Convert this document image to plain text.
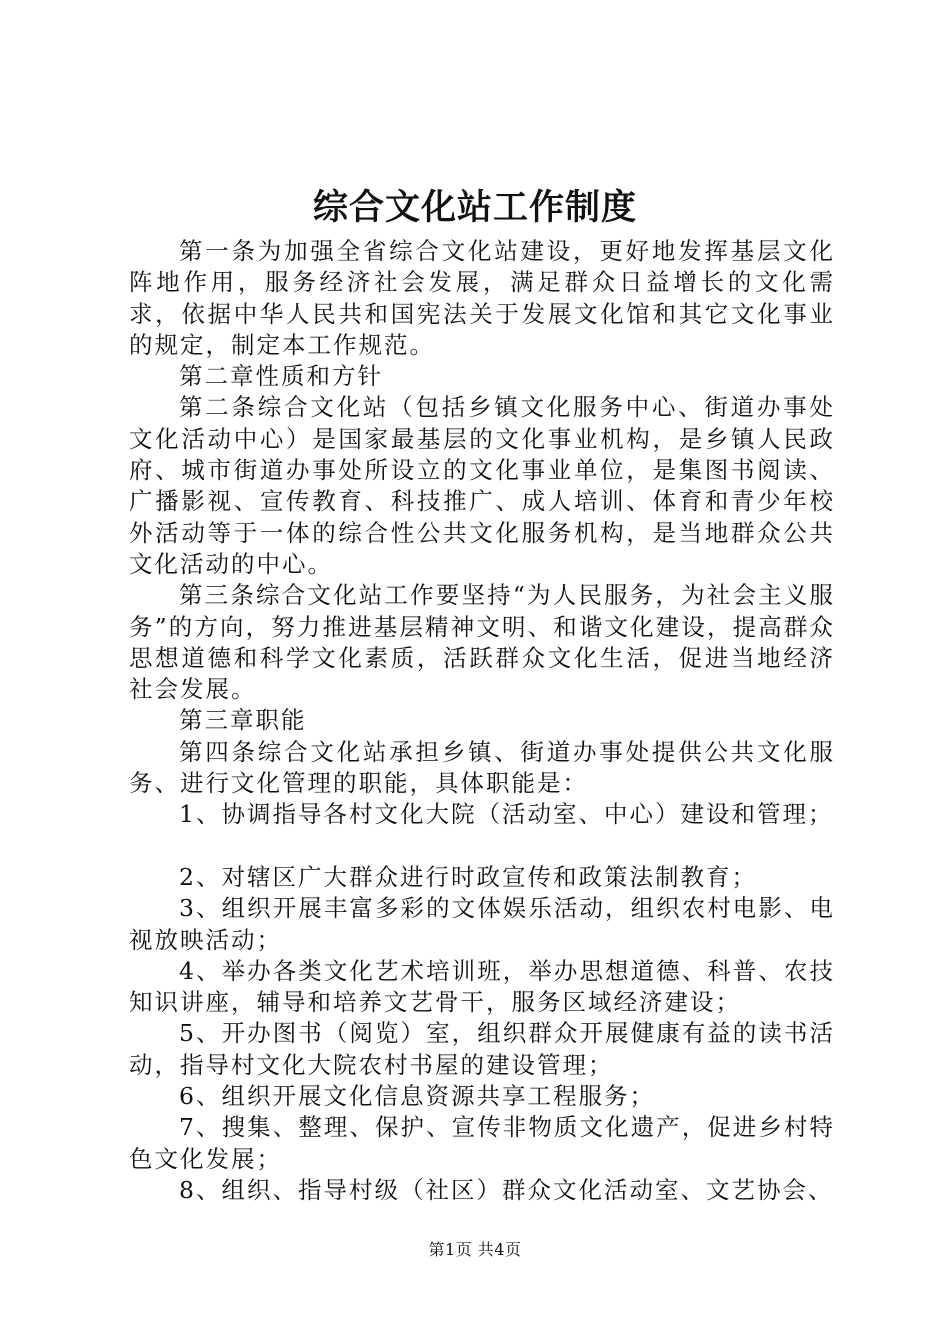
综合文化站工作制度

第一条为加强全省综合文化站建设，更好地发挥基层文化阵地作用，服务经济社会发展，满足群众日益增长的文化需求，依据中华人民共和国宪法关于发展文化馆和其它文化事业的规定，制定本工作规范。

第二章性质和方针

第二条综合文化站（包括乡镇文化服务中心、街道办事处文化活动中心）是国家最基层的文化事业机构，是乡镇人民政府、城市街道办事处所设立的文化事业单位，是集图书阅读、广播影视、宣传教育、科技推广、成人培训、体育和青少年校外活动等于一体的综合性公共文化服务机构，是当地群众公共文化活动的中心。

第三条综合文化站工作要坚持“为人民服务，为社会主义服务”的方向，努力推进基层精神文明、和谐文化建设，提高群众思想道德和科学文化素质，活跃群众文化生活，促进当地经济社会发展。

第三章职能

第四条综合文化站承担乡镇、街道办事处提供公共文化服务、进行文化管理的职能，具体职能是：

1、协调指导各村文化大院（活动室、中心）建设和管理；

2、对辖区广大群众进行时政宣传和政策法制教育；

3、组织开展丰富多彩的文体娱乐活动，组织农村电影、电视放映活动；

4、举办各类文化艺术培训班，举办思想道德、科普、农技知识讲座，辅导和培养文艺骨干，服务区域经济建设；

5、开办图书（阅览）室，组织群众开展健康有益的读书活动，指导村文化大院农村书屋的建设管理；

6、组织开展文化信息资源共享工程服务；

7、搜集、整理、保护、宣传非物质文化遗产，促进乡村特色文化发展；

8、组织、指导村级（社区）群众文化活动室、文艺协会、

第1页 共4页
